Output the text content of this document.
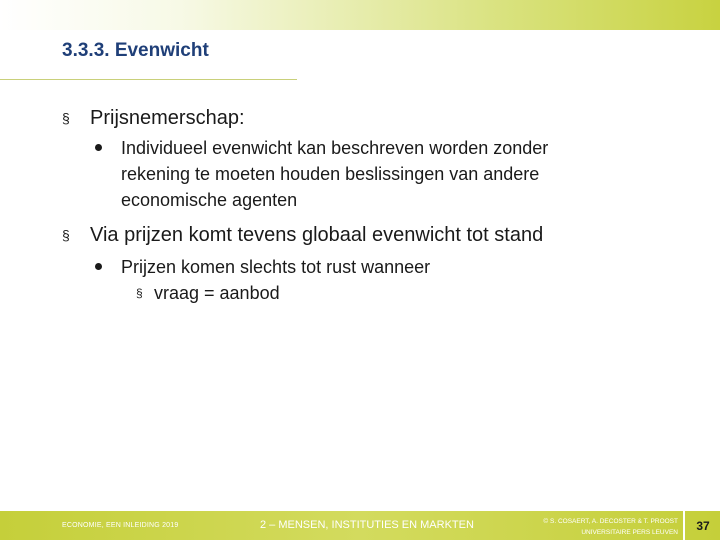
3.3.3. Evenwicht
§ Prijsnemerschap:
Individueel evenwicht kan beschreven worden zonder rekening te moeten houden beslissingen van andere economische agenten
§ Via prijzen komt tevens globaal evenwicht tot stand
Prijzen komen slechts tot rust wanneer
§ vraag = aanbod
ECONOMIE, EEN INLEIDING 2019	2 – MENSEN, INSTITUTIES EN MARKTEN	© S. COSAERT, A. DECOSTER & T. PROOST
UNIVERSITAIRE PERS LEUVEN	37
